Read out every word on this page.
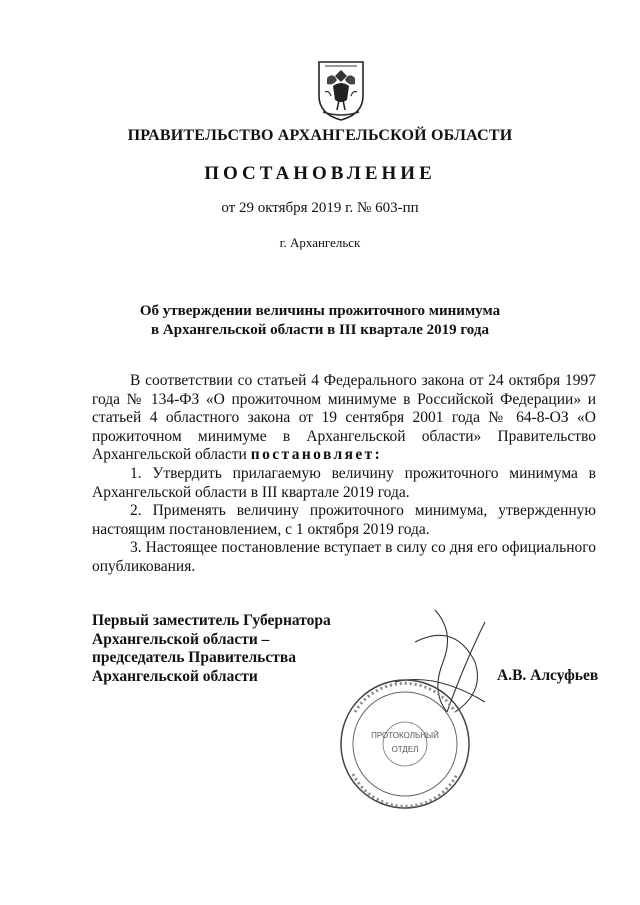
ПРАВИТЕЛЬСТВО АРХАНГЕЛЬСКОЙ ОБЛАСТИ
ПОСТАНОВЛЕНИЕ
от 29 октября 2019 г. № 603-пп
г. Архангельск
Об утверждении величины прожиточного минимума
в Архангельской области в III квартале 2019 года

В соответствии со статьей 4 Федерального закона от 24 октября 1997 года № 134-ФЗ «О прожиточном минимуме в Российской Федерации» и статьей 4 областного закона от 19 сентября 2001 года № 64-8-ОЗ «О прожиточном минимуме в Архангельской области» Правительство Архангельской области постановляет:

1. Утвердить прилагаемую величину прожиточного минимума в Архангельской области в III квартале 2019 года.

2. Применять величину прожиточного минимума, утвержденную настоящим постановлением, с 1 октября 2019 года.

3. Настоящее постановление вступает в силу со дня его официального опубликования.

Первый заместитель Губернатора
Архангельской области –
председатель Правительства
Архангельской области
ПРОТОКОЛЬНЫЙ
ОТДЕЛ
А.В. Алсуфьев
